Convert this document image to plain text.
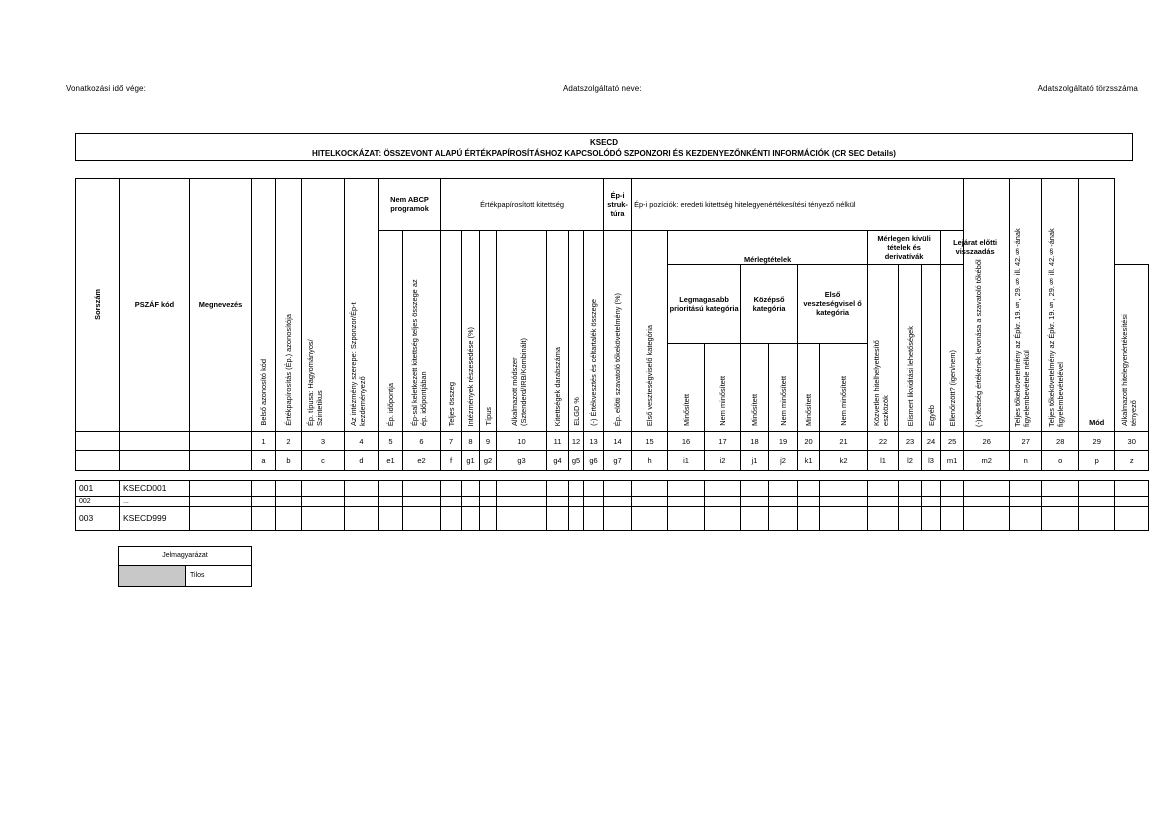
Vonatkozási idő vége:	Adatszolgáltató neve:	Adatszolgáltató törzsszáma
KSECD
HITELKOCKÁZAT: ÖSSZEVONT ALAPÚ ÉRTÉKPAPÍROSÍTÁSHOZ KAPCSOLÓDÓ SZPONZORI ÉS KEZDENYEZŐNKÉNTI INFORMÁCIÓK (CR SEC Details)
Sorszám	PSZÁF kód	Megnevezés	Belső azonosító kód	Értékpapírosítás (Ép.) azonosítója	Ép. típusa: Hagyományos/ Szintetikus	Az intézmény szerepe: Szponzor/Ép-t kezdeményező	Nem ABCP programok		Értékpapírosított kitettség							Ép-i struk-túra	Ép-i pozíciók: eredeti kitettség hitelegyenértékesítési tényező nélkül											(-)Kitettség értékének levonása a szavatoló tőkéből	Teljes tőkekövetelmény az Épkr. 19.§, 29.§ ill. 42.§-ának figyelembevétele nélkül	Teljes tőkekövetelmény az Épkr. 19.§, 29.§ ill. 42.§-ának figyelembevételével	Mód	

							Ép. időpontja	Ép-sal keletkezett kitettség teljes összege az ép. időpontjában	Teljes összeg	Intézmények részesedése (%)	Típus	Alkalmazott módszer (Sztenderd/IRB/Kombinált)	Kitettségek darabszáma	ELGD %	(-) Értékvesztés és céltartalék összege	Ép. előtti szavatoló tőkekövetelmény (%)	Első veszteségviselő kategória	Mérlegtételek						Mérlegen kívüli tételek és derivatívák			Lejárat előtti visszaadás					
																		Legmagasabb prioritású kategória		Középső kategória		Első veszteségvisel ő kategória		Közvetlen hitelhelyettesítő eszközök	Elismert likviditási lehetőségek	Egyéb	Ellenőrzött? (igen/nem)					Alkalmazott hitelegyenértékesítési tényező
																		Minősített	Nem minősített	Minősített	Nem minősített	Minősített	Nem minősített									
			1	2	3	4	5	6	7	8	9	10	11	12	13	14	15	16	17	18	19	20	21	22	23	24	25	26	27	28	29	30
			a	b	c	d	e1	e2	f	g1	g2	g3	g4	g5	g6	g7	h	i1	i2	j1	j2	k1	k2	l1	l2	l3	m1	m2	n	o	p	z

001	KSECD001																															
002	...																															
003	KSECD999																															
Jelmagyarázat
Tilos
